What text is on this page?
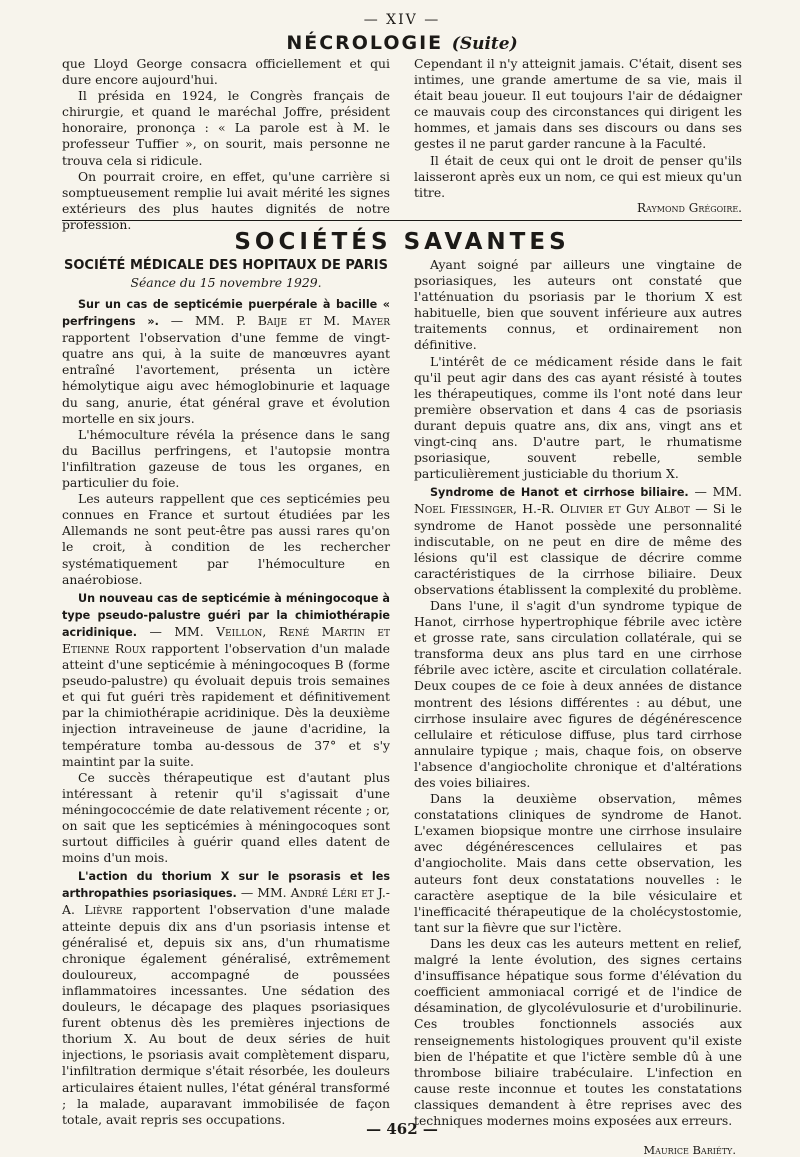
— XIV —
NÉCROLOGIE (Suite)

que Lloyd George consacra officiellement et qui dure encore aujourd'hui.

Il présida en 1924, le Congrès français de chirurgie, et quand le maréchal Joffre, président honoraire, prononça : « La parole est à M. le professeur Tuffier », on sourit, mais personne ne trouva cela si ridicule.

On pourrait croire, en effet, qu'une carrière si somptueusement remplie lui avait mérité les signes extérieurs des plus hautes dignités de notre profession.

Cependant il n'y atteignit jamais. C'était, disent ses intimes, une grande amertume de sa vie, mais il était beau joueur. Il eut toujours l'air de dédaigner ce mauvais coup des circonstances qui dirigent les hommes, et jamais dans ses discours ou dans ses gestes il ne parut garder rancune à la Faculté.

Il était de ceux qui ont le droit de penser qu'ils laisseront après eux un nom, ce qui est mieux qu'un titre.

Raymond Grégoire.
SOCIÉTÉS SAVANTES
SOCIÉTÉ MÉDICALE DES HOPITAUX DE PARIS
Séance du 15 novembre 1929.

Sur un cas de septicémie puerpérale à bacille « perfringens ». — MM. P. Baije et M. Mayer rapportent l'observation d'une femme de vingt-quatre ans qui, à la suite de manœuvres ayant entraîné l'avortement, présenta un ictère hémolytique aigu avec hémoglobinurie et laquage du sang, anurie, état général grave et évolution mortelle en six jours.

L'hémoculture révéla la présence dans le sang du Bacillus perfringens, et l'autopsie montra l'infiltration gazeuse de tous les organes, en particulier du foie.

Les auteurs rappellent que ces septicémies peu connues en France et surtout étudiées par les Allemands ne sont peut-être pas aussi rares qu'on le croit, à condition de les rechercher systématiquement par l'hémoculture en anaérobiose.

Un nouveau cas de septicémie à méningocoque à type pseudo-palustre guéri par la chimiothérapie acridinique. — MM. Veillon, René Martin et Etienne Roux rapportent l'observation d'un malade atteint d'une septicémie à méningocoques B (forme pseudo-palustre) qu évoluait depuis trois semaines et qui fut guéri très rapidement et définitivement par la chimiothérapie acridinique. Dès la deuxième injection intraveineuse de jaune d'acridine, la température tomba au-dessous de 37° et s'y maintint par la suite.

Ce succès thérapeutique est d'autant plus intéressant à retenir qu'il s'agissait d'une méningococcémie de date relativement récente ; or, on sait que les septicémies à méningocoques sont surtout difficiles à guérir quand elles datent de moins d'un mois.

L'action du thorium X sur le psorasis et les arthropathies psoriasiques. — MM. André Léri et J.-A. Lièvre rapportent l'observation d'une malade atteinte depuis dix ans d'un psoriasis intense et généralisé et, depuis six ans, d'un rhumatisme chronique également généralisé, extrêmement douloureux, accompagné de poussées inflammatoires incessantes. Une sédation des douleurs, le décapage des plaques psoriasiques furent obtenus dès les premières injections de thorium X. Au bout de deux séries de huit injections, le psoriasis avait complètement disparu, l'infiltration dermique s'était résorbée, les douleurs articulaires étaient nulles, l'état général transformé ; la malade, auparavant immobilisée de façon totale, avait repris ses occupations.

Ayant soigné par ailleurs une vingtaine de psoriasiques, les auteurs ont constaté que l'atténuation du psoriasis par le thorium X est habituelle, bien que souvent inférieure aux autres traitements connus, et ordinairement non définitive.

L'intérêt de ce médicament réside dans le fait qu'il peut agir dans des cas ayant résisté à toutes les thérapeutiques, comme ils l'ont noté dans leur première observation et dans 4 cas de psoriasis durant depuis quatre ans, dix ans, vingt ans et vingt-cinq ans. D'autre part, le rhumatisme psoriasique, souvent rebelle, semble particulièrement justiciable du thorium X.

Syndrome de Hanot et cirrhose biliaire. — MM. Noel Fiessinger, H.-R. Olivier et Guy Albot — Si le syndrome de Hanot possède une personnalité indiscutable, on ne peut en dire de même des lésions qu'il est classique de décrire comme caractéristiques de la cirrhose biliaire. Deux observations établissent la complexité du problème.

Dans l'une, il s'agit d'un syndrome typique de Hanot, cirrhose hypertrophique fébrile avec ictère et grosse rate, sans circulation collatérale, qui se transforma deux ans plus tard en une cirrhose fébrile avec ictère, ascite et circulation collatérale. Deux coupes de ce foie à deux années de distance montrent des lésions différentes : au début, une cirrhose insulaire avec figures de dégénérescence cellulaire et réticulose diffuse, plus tard cirrhose annulaire typique ; mais, chaque fois, on observe l'absence d'angiocholite chronique et d'altérations des voies biliaires.

Dans la deuxième observation, mêmes constatations cliniques de syndrome de Hanot. L'examen biopsique montre une cirrhose insulaire avec dégénérescences cellulaires et pas d'angiocholite. Mais dans cette observation, les auteurs font deux constatations nouvelles : le caractère aseptique de la bile vésiculaire et l'inefficacité thérapeutique de la cholécystostomie, tant sur la fièvre que sur l'ictère.

Dans les deux cas les auteurs mettent en relief, malgré la lente évolution, des signes certains d'insuffisance hépatique sous forme d'élévation du coefficient ammoniacal corrigé et de l'indice de désamination, de glycolévulosurie et d'urobilinurie. Ces troubles fonctionnels associés aux renseignements histologiques prouvent qu'il existe bien de l'hépatite et que l'ictère semble dû à une thrombose biliaire trabéculaire. L'infection en cause reste inconnue et toutes les constatations classiques demandent à être reprises avec des techniques modernes moins exposées aux erreurs.

Maurice Bariéty.
— 462 —
